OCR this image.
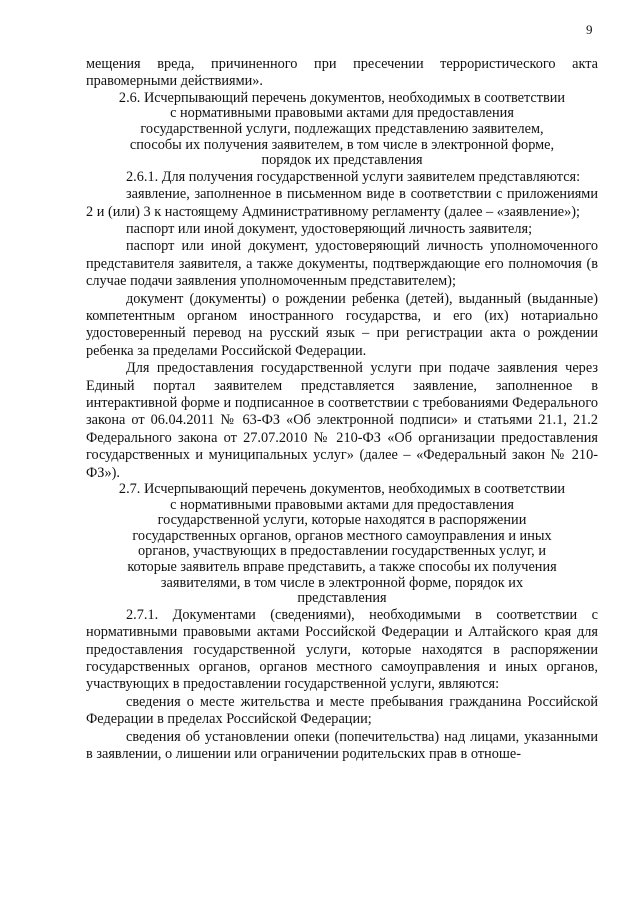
9

мещения вреда, причиненного при пресечении террористического акта правомерными действиями».

2.6. Исчерпывающий перечень документов, необходимых в соответствии с нормативными правовыми актами для предоставления государственной услуги, подлежащих представлению заявителем, способы их получения заявителем, в том числе в электронной форме, порядок их представления

2.6.1. Для получения государственной услуги заявителем представляются:

заявление, заполненное в письменном виде в соответствии с приложениями 2 и (или) 3 к настоящему Административному регламенту (далее – «заявление»);

паспорт или иной документ, удостоверяющий личность заявителя;

паспорт или иной документ, удостоверяющий личность уполномоченного представителя заявителя, а также документы, подтверждающие его полномочия (в случае подачи заявления уполномоченным представителем);

документ (документы) о рождении ребенка (детей), выданный (выданные) компетентным органом иностранного государства, и его (их) нотариально удостоверенный перевод на русский язык – при регистрации акта о рождении ребенка за пределами Российской Федерации.

Для предоставления государственной услуги при подаче заявления через Единый портал заявителем представляется заявление, заполненное в интерактивной форме и подписанное в соответствии с требованиями Федерального закона от 06.04.2011 № 63-ФЗ «Об электронной подписи» и статьями 21.1, 21.2 Федерального закона от 27.07.2010 № 210-ФЗ «Об организации предоставления государственных и муниципальных услуг» (далее – «Федеральный закон № 210-ФЗ»).

2.7. Исчерпывающий перечень документов, необходимых в соответствии с нормативными правовыми актами для предоставления государственной услуги, которые находятся в распоряжении государственных органов, органов местного самоуправления и иных органов, участвующих в предоставлении государственных услуг, и которые заявитель вправе представить, а также способы их получения заявителями, в том числе в электронной форме, порядок их представления

2.7.1. Документами (сведениями), необходимыми в соответствии с нормативными правовыми актами Российской Федерации и Алтайского края для предоставления государственной услуги, которые находятся в распоряжении государственных органов, органов местного самоуправления и иных органов, участвующих в предоставлении государственной услуги, являются:

сведения о месте жительства и месте пребывания гражданина Российской Федерации в пределах Российской Федерации;

сведения об установлении опеки (попечительства) над лицами, указанными в заявлении, о лишении или ограничении родительских прав в отноше-
